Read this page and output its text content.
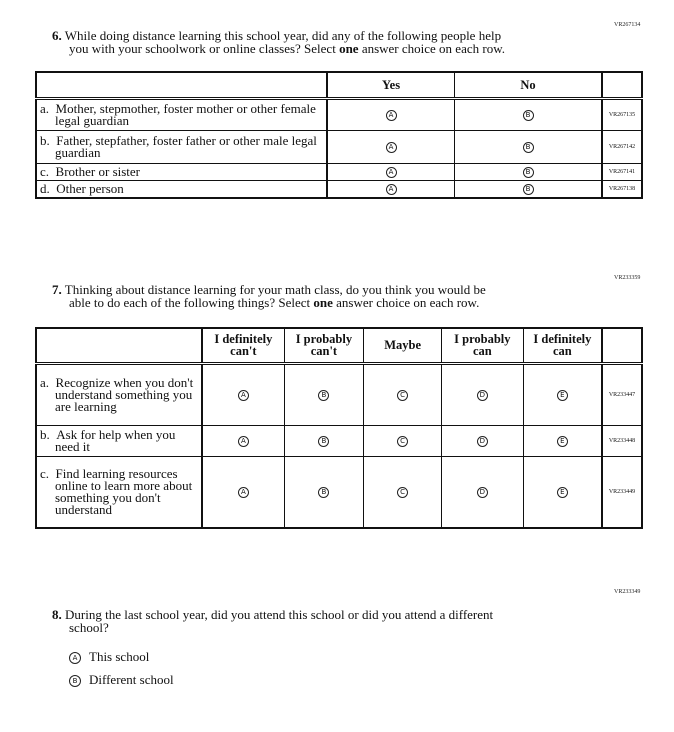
VR267134
6. While doing distance learning this school year, did any of the following people help
you with your schoolwork or online classes? Select one answer choice on each row.
	Yes	No	
a. Mother, stepmother, foster mother or other female legal guardian	A	B	VR267135
b. Father, stepfather, foster father or other male legal guardian	A	B	VR267142
c. Brother or sister	A	B	VR267141
d. Other person	A	B	VR267138
VR233359
7. Thinking about distance learning for your math class, do you think you would be
able to do each of the following things? Select one answer choice on each row.
	I definitely can't	I probably can't	Maybe	I probably can	I definitely can	
a. Recognize when you don't understand something you are learning	A	B	C	D	E	VR233447
b. Ask for help when you need it	A	B	C	D	E	VR233448
c. Find learning resources online to learn more about something you don't understand	A	B	C	D	E	VR233449
VR233349
8. During the last school year, did you attend this school or did you attend a different
school?
A This school
B Different school
